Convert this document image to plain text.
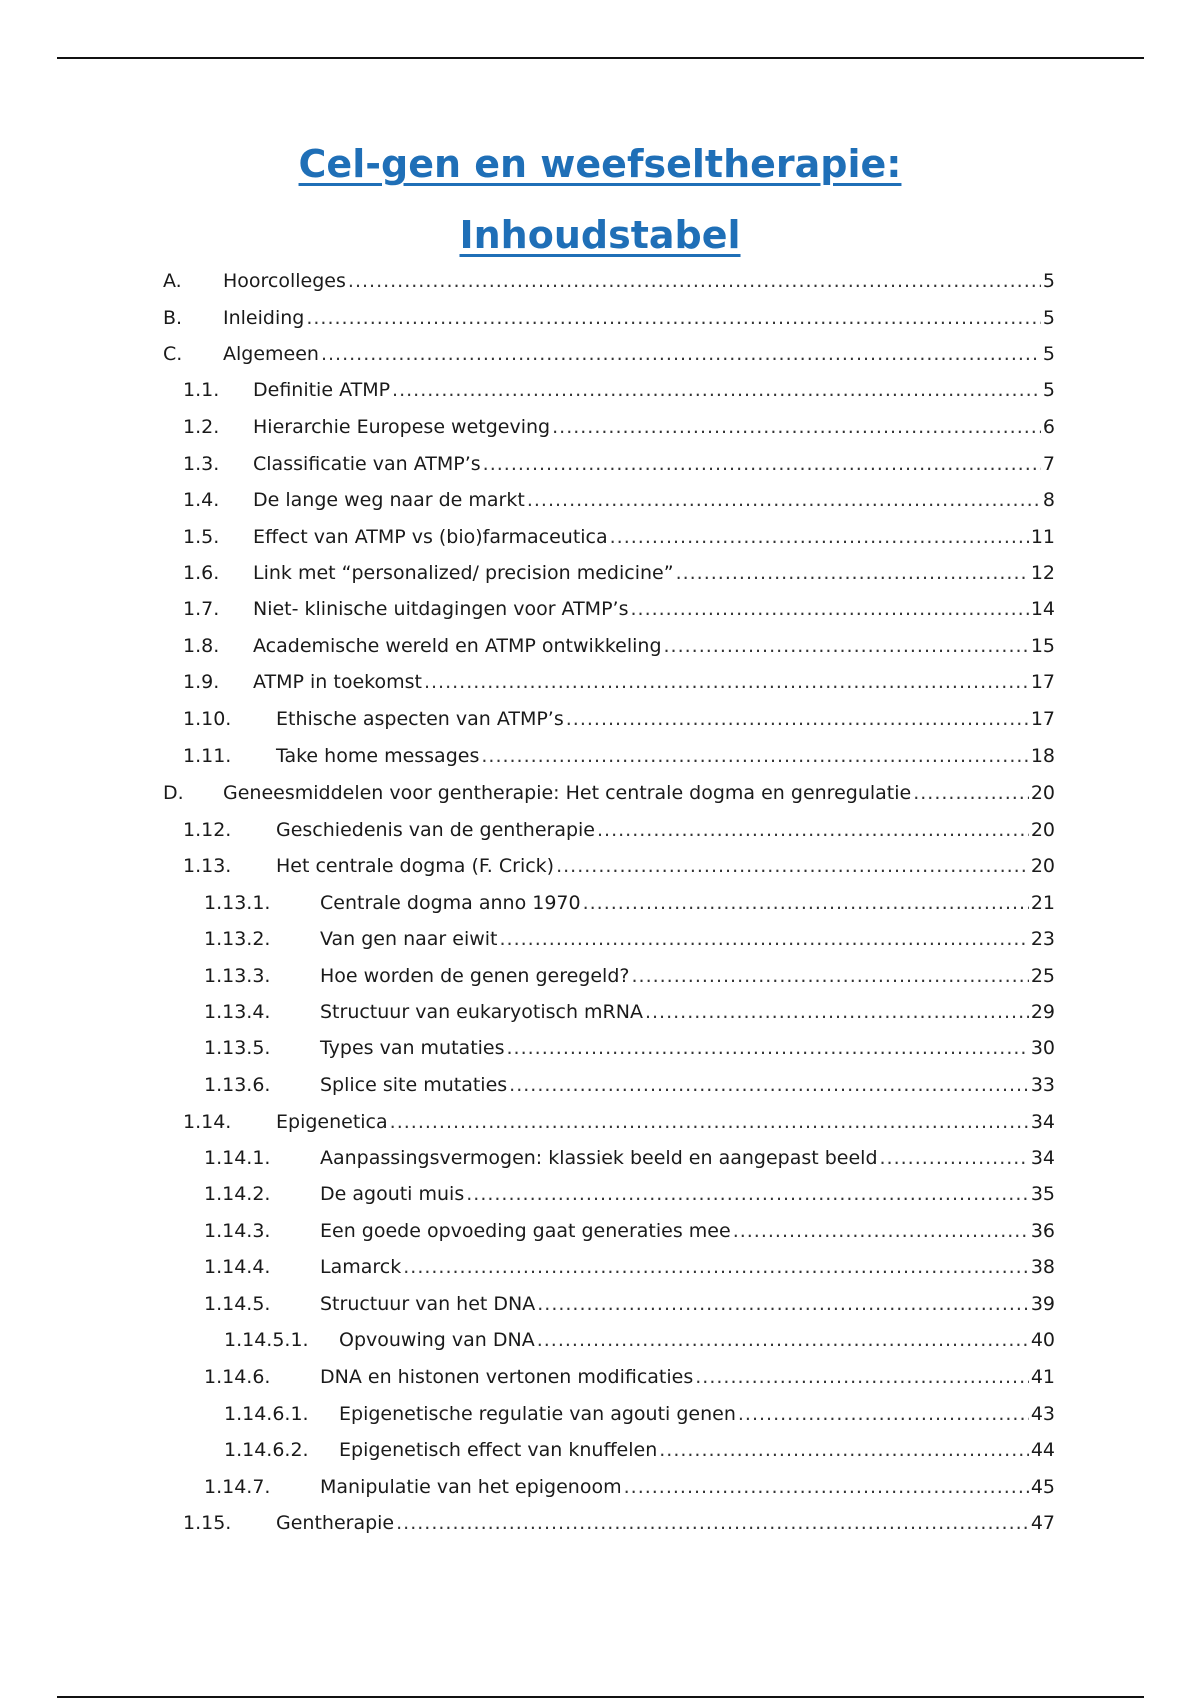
Cel-gen en weefseltherapie:
Inhoudstabel
A.	Hoorcolleges .....	5
B.	Inleiding .....	5
C.	Algemeen .....	5
1.1.	Definitie ATMP .....	5
1.2.	Hierarchie Europese wetgeving .....	6
1.3.	Classificatie van ATMP’s .....	7
1.4.	De lange weg naar de markt .....	8
1.5.	Effect van ATMP vs (bio)farmaceutica .....	11
1.6.	Link met “personalized/ precision medicine” .....	12
1.7.	Niet- klinische uitdagingen voor ATMP’s .....	14
1.8.	Academische wereld en ATMP ontwikkeling .....	15
1.9.	ATMP in toekomst .....	17
1.10.	Ethische aspecten van ATMP’s .....	17
1.11.	Take home messages .....	18
D.	Geneesmiddelen voor gentherapie: Het centrale dogma en genregulatie .....	20
1.12.	Geschiedenis van de gentherapie .....	20
1.13.	Het centrale dogma (F. Crick) .....	20
1.13.1.	Centrale dogma anno 1970 .....	21
1.13.2.	Van gen naar eiwit .....	23
1.13.3.	Hoe worden de genen geregeld? .....	25
1.13.4.	Structuur van eukaryotisch mRNA .....	29
1.13.5.	Types van mutaties .....	30
1.13.6.	Splice site mutaties .....	33
1.14.	Epigenetica .....	34
1.14.1.	Aanpassingsvermogen: klassiek beeld en aangepast beeld .....	34
1.14.2.	De agouti muis .....	35
1.14.3.	Een goede opvoeding gaat generaties mee .....	36
1.14.4.	Lamarck .....	38
1.14.5.	Structuur van het DNA .....	39
1.14.5.1.	Opvouwing van DNA .....	40
1.14.6.	DNA en histonen vertonen modificaties .....	41
1.14.6.1.	Epigenetische regulatie van agouti genen .....	43
1.14.6.2.	Epigenetisch effect van knuffelen .....	44
1.14.7.	Manipulatie van het epigenoom .....	45
1.15.	Gentherapie .....	47
